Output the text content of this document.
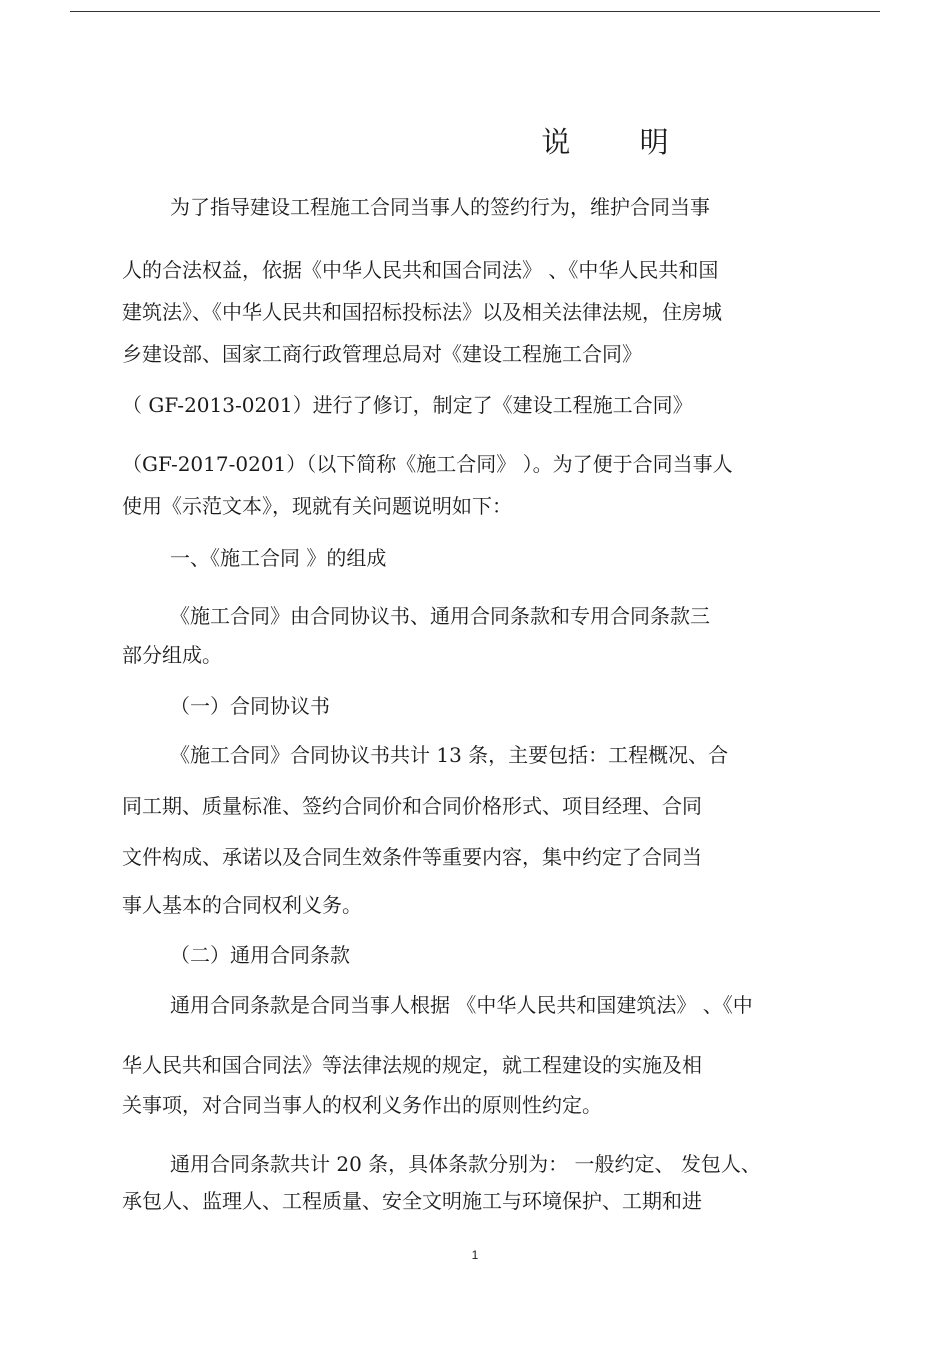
说 明
为了指导建设工程施工合同当事人的签约行为，维护合同当事
人的合法权益，依据《中华人民共和国合同法》 、《中华人民共和国
建筑法》、《中华人民共和国招标投标法》以及相关法律法规，住房城
乡建设部、国家工商行政管理总局对《建设工程施工合同》
（ GF-2013-0201）进行了修订，制定了《建设工程施工合同》
（GF-2017-0201）（以下简称《施工合同》 ）。为了便于合同当事人
使用《示范文本》，现就有关问题说明如下：
一、《施工合同 》的组成
《施工合同》由合同协议书、通用合同条款和专用合同条款三
部分组成。
（一）合同协议书
《施工合同》合同协议书共计 13 条，主要包括：工程概况、合
同工期、质量标准、签约合同价和合同价格形式、项目经理、合同
文件构成、承诺以及合同生效条件等重要内容，集中约定了合同当
事人基本的合同权利义务。
（二）通用合同条款
通用合同条款是合同当事人根据 《中华人民共和国建筑法》 、《中
华人民共和国合同法》等法律法规的规定，就工程建设的实施及相
关事项，对合同当事人的权利义务作出的原则性约定。
通用合同条款共计 20 条，具体条款分别为： 一般约定、 发包人、
承包人、监理人、工程质量、安全文明施工与环境保护、工期和进
1
